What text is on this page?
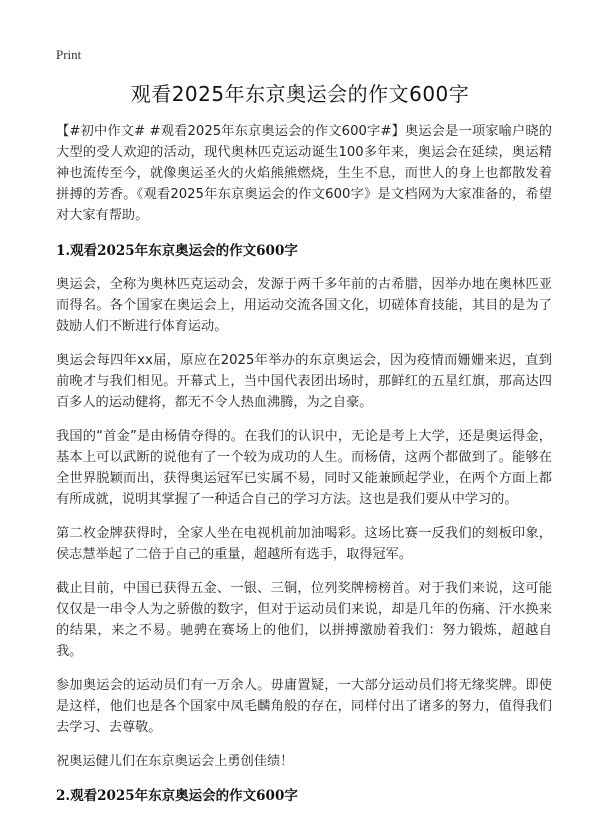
Print
观看2025年东京奥运会的作文600字

【#初中作文# #观看2025年东京奥运会的作文600字#】奥运会是一项家喻户晓的大型的受人欢迎的活动，现代奥林匹克运动诞生100多年来，奥运会在延续，奥运精神也流传至今，就像奥运圣火的火焰熊熊燃烧，生生不息，而世人的身上也都散发着拼搏的芳香。《观看2025年东京奥运会的作文600字》是文档网为大家准备的，希望对大家有帮助。

1.观看2025年东京奥运会的作文600字

奥运会，全称为奥林匹克运动会，发源于两千多年前的古希腊，因举办地在奥林匹亚而得名。各个国家在奥运会上，用运动交流各国文化，切磋体育技能，其目的是为了鼓励人们不断进行体育运动。

奥运会每四年xx届，原应在2025年举办的东京奥运会，因为疫情而姗姗来迟，直到前晚才与我们相见。开幕式上，当中国代表团出场时，那鲜红的五星红旗，那高达四百多人的运动健将，都无不令人热血沸腾，为之自豪。

我国的“首金”是由杨倩夺得的。在我们的认识中，无论是考上大学，还是奥运得金，基本上可以武断的说他有了一个较为成功的人生。而杨倩，这两个都做到了。能够在全世界脱颖而出，获得奥运冠军已实属不易，同时又能兼顾起学业，在两个方面上都有所成就，说明其掌握了一种适合自己的学习方法。这也是我们要从中学习的。

第二枚金牌获得时，全家人坐在电视机前加油喝彩。这场比赛一反我们的刻板印象，侯志慧举起了二倍于自己的重量，超越所有选手，取得冠军。

截止目前，中国已获得五金、一银、三铜，位列奖牌榜榜首。对于我们来说，这可能仅仅是一串令人为之骄傲的数字，但对于运动员们来说，却是几年的伤痛、汗水换来的结果，来之不易。驰骋在赛场上的他们，以拼搏激励着我们：努力锻炼，超越自我。

参加奥运会的运动员们有一万余人。毋庸置疑，一大部分运动员们将无缘奖牌。即使是这样，他们也是各个国家中凤毛麟角般的存在，同样付出了诸多的努力，值得我们去学习、去尊敬。

祝奥运健儿们在东京奥运会上勇创佳绩！

2.观看2025年东京奥运会的作文600字
